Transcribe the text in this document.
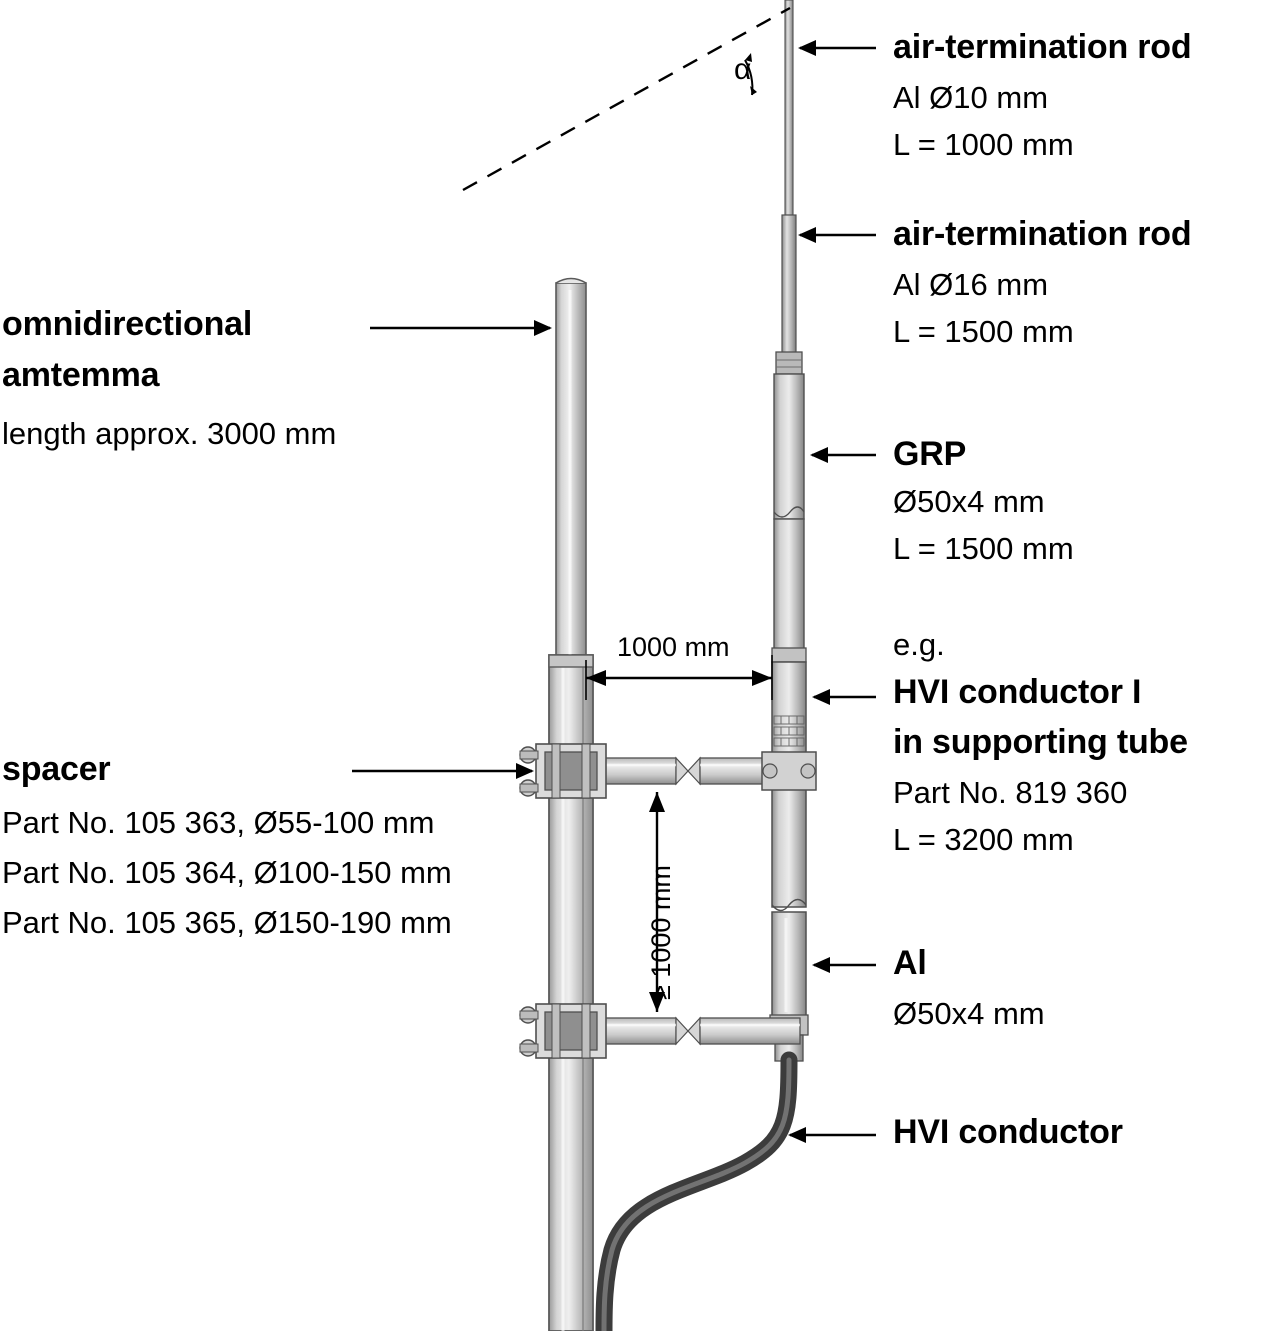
air-termination rod
Al Ø10 mm
L = 1000 mm
air-termination rod
Al Ø16 mm
L = 1500 mm
GRP
Ø50x4 mm
L = 1500 mm
e.g.
HVI conductor I
in supporting tube
Part No. 819 360
L = 3200 mm
Al
Ø50x4 mm
HVI conductor
omnidirectional
amtemma
length approx. 3000 mm
spacer
Part No. 105 363, Ø55-100 mm
Part No. 105 364, Ø100-150 mm
Part No. 105 365, Ø150-190 mm
1000 mm
≥ 1000 mm
α
